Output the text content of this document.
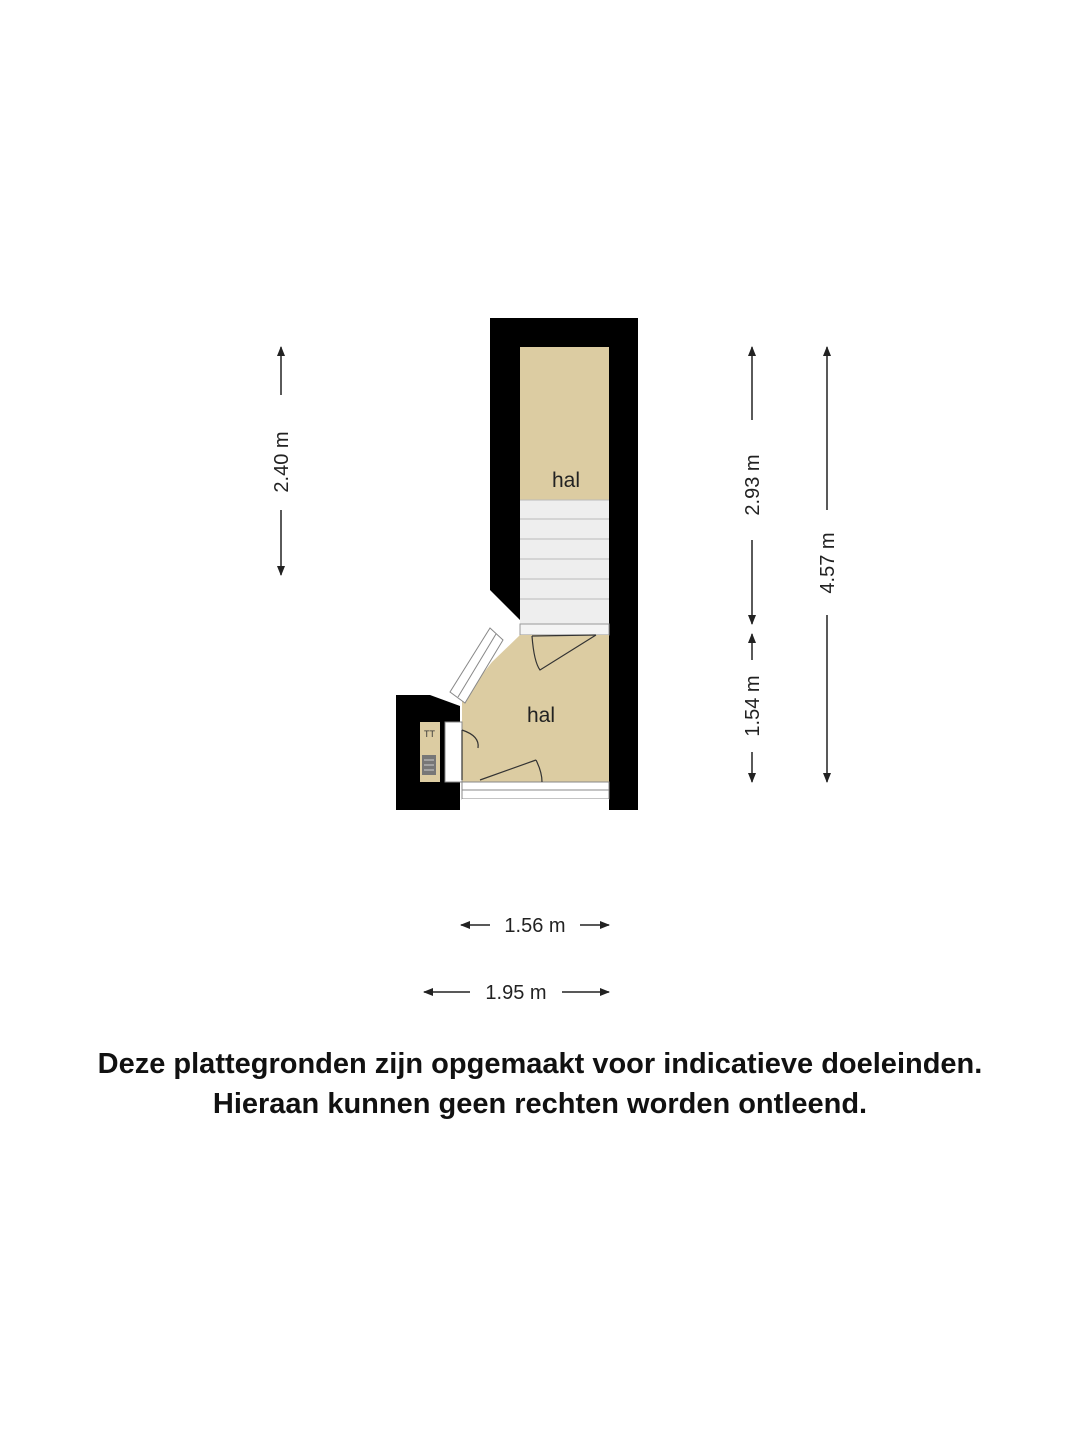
TT
hal
hal
2.40 m	2.93 m
1.54 m
4.57 m
1.56 m
1.95 m
Deze plattegronden zijn opgemaakt voor indicatieve doeleinden.
Hieraan kunnen geen rechten worden ontleend.
